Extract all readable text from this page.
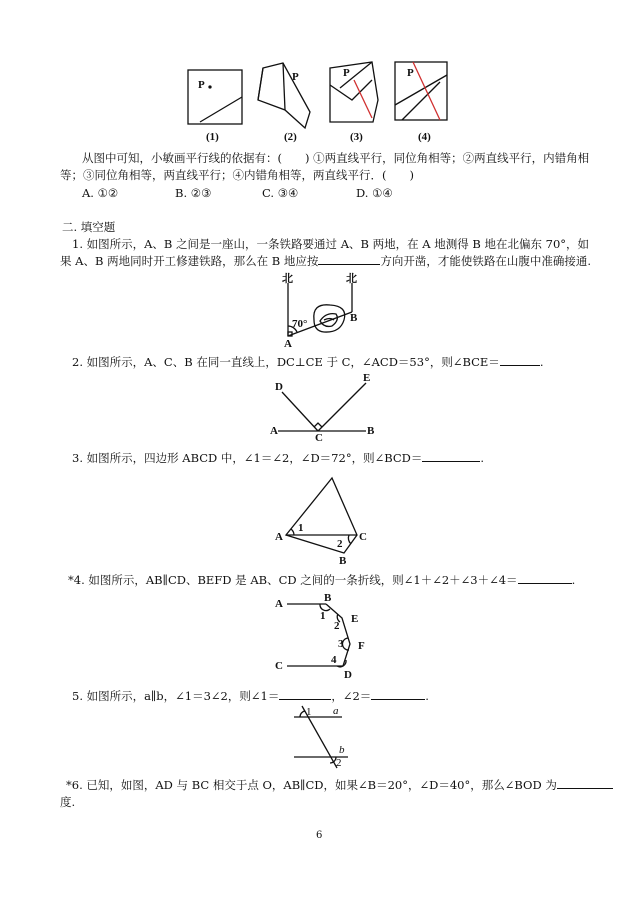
P
P	P	P
(1)	(2)	(3)	(4)
从图中可知，小敏画平行线的依据有：(　　) ①两直线平行，同位角相等；②两直线平行，内错角相
等；③同位角相等，两直线平行；④内错角相等，两直线平行．(　　)
A. ①②	B. ②③	C. ③④	D. ①④
二. 填空题
1. 如图所示，A、B 之间是一座山，一条铁路要通过 A、B 两地，在 A 地测得 B 地在北偏东 70°，如
果 A、B 两地同时开工修建铁路，那么在 B 地应按	方向开凿，才能使铁路在山腹中准确接通.
北	北
70°
A
B
2. 如图所示，A、C、B 在同一直线上，DC⊥CE 于 C，∠ACD＝53°，则∠BCE＝	.
A	B
C
D
E
3. 如图所示，四边形 ABCD 中，∠1＝∠2，∠D＝72°，则∠BCD＝	.
A	C
B
1
2
*4. 如图所示，AB∥CD、BEFD 是 AB、CD 之间的一条折线，则∠1＋∠2＋∠3＋∠4＝	.
A	B
C
D
E
F
1
2
3
4
5. 如图所示，a∥b，∠1＝3∠2，则∠1＝	，∠2＝	.
1
2
a
b
*6. 已知，如图，AD 与 BC 相交于点 O，AB∥CD，如果∠B＝20°，∠D＝40°，那么∠BOD 为
度.
6
